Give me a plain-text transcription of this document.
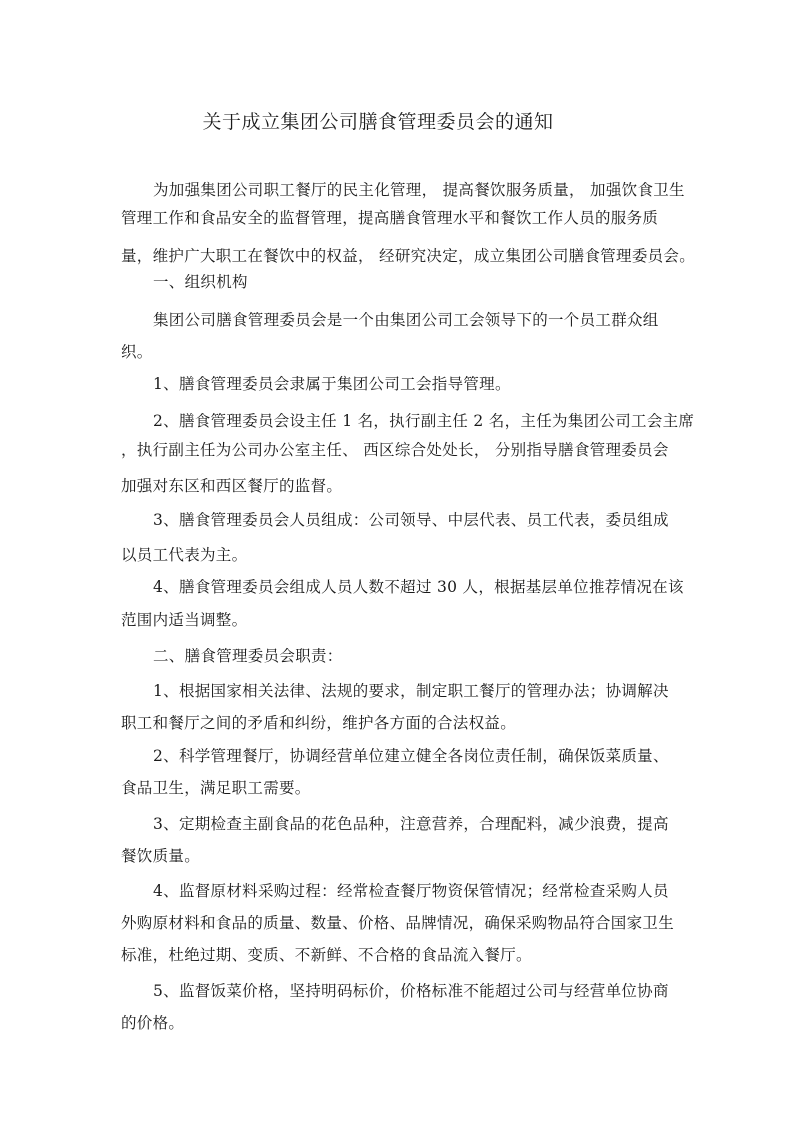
关于成立集团公司膳食管理委员会的通知
为加强集团公司职工餐厅的民主化管理， 提高餐饮服务质量， 加强饮食卫生
管理工作和食品安全的监督管理，提高膳食管理水平和餐饮工作人员的服务质
量，维护广大职工在餐饮中的权益， 经研究决定，成立集团公司膳食管理委员会。
一、组织机构
集团公司膳食管理委员会是一个由集团公司工会领导下的一个员工群众组
织。
1、膳食管理委员会隶属于集团公司工会指导管理。
2、膳食管理委员会设主任 1 名，执行副主任 2 名，主任为集团公司工会主席
，执行副主任为公司办公室主任、 西区综合处处长， 分别指导膳食管理委员会
加强对东区和西区餐厅的监督。
3、膳食管理委员会人员组成：公司领导、中层代表、员工代表，委员组成
以员工代表为主。
4、膳食管理委员会组成人员人数不超过 30 人，根据基层单位推荐情况在该
范围内适当调整。
二、膳食管理委员会职责：
1、根据国家相关法律、法规的要求，制定职工餐厅的管理办法；协调解决
职工和餐厅之间的矛盾和纠纷，维护各方面的合法权益。
2、科学管理餐厅，协调经营单位建立健全各岗位责任制，确保饭菜质量、
食品卫生，满足职工需要。
3、定期检查主副食品的花色品种，注意营养，合理配料，减少浪费，提高
餐饮质量。
4、监督原材料采购过程：经常检查餐厅物资保管情况；经常检查采购人员
外购原材料和食品的质量、数量、价格、品牌情况，确保采购物品符合国家卫生
标准，杜绝过期、变质、不新鲜、不合格的食品流入餐厅。
5、监督饭菜价格，坚持明码标价，价格标准不能超过公司与经营单位协商
的价格。
